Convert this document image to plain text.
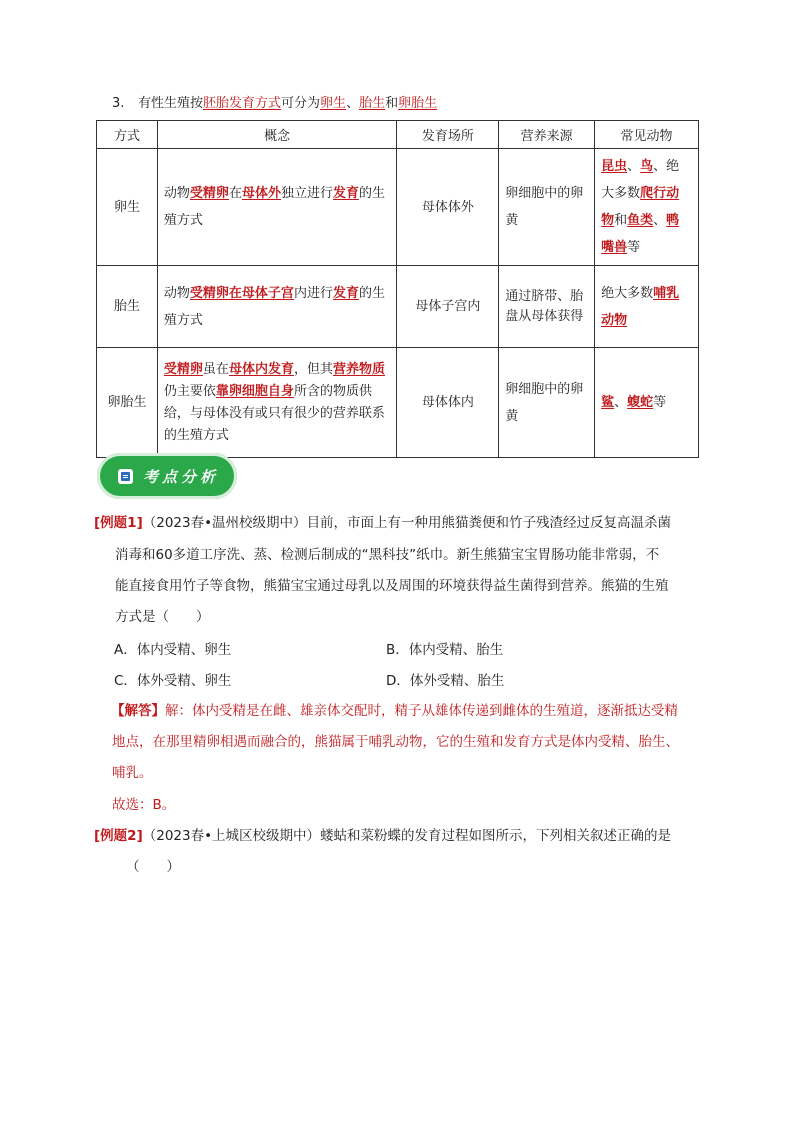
3. 有性生殖按胚胎发育方式可分为卵生、胎生和卵胎生
方式	概念	发育场所	营养来源	常见动物
卵生	动物受精卵在母体外独立进行发育的生殖方式	母体体外	卵细胞中的卵黄	昆虫、鸟、绝大多数爬行动物和鱼类、鸭嘴兽等
胎生	动物受精卵在母体子宫内进行发育的生殖方式	母体子宫内	通过脐带、胎盘从母体获得	绝大多数哺乳动物
卵胎生	受精卵虽在母体内发育，但其营养物质仍主要依靠卵细胞自身所含的物质供给，与母体没有或只有很少的营养联系的生殖方式	母体体内	卵细胞中的卵黄	鲨、蝮蛇等
考点分析
[例题1]（2023春•温州校级期中）目前，市面上有一种用熊猫粪便和竹子残渣经过反复高温杀菌
消毒和60多道工序洗、蒸、检测后制成的“黑科技”纸巾。新生熊猫宝宝胃肠功能非常弱，不
能直接食用竹子等食物，熊猫宝宝通过母乳以及周围的环境获得益生菌得到营养。熊猫的生殖
方式是（　　）
A．体内受精、卵生	B．体内受精、胎生
C．体外受精、卵生	D．体外受精、胎生
【解答】解：体内受精是在雌、雄亲体交配时，精子从雄体传递到雌体的生殖道，逐渐抵达受精
地点，在那里精卵相遇而融合的，熊猫属于哺乳动物，它的生殖和发育方式是体内受精、胎生、
哺乳。
故选：B。
[例题2]（2023春•上城区校级期中）蝼蛄和菜粉蝶的发育过程如图所示，下列相关叙述正确的是
（　　）
